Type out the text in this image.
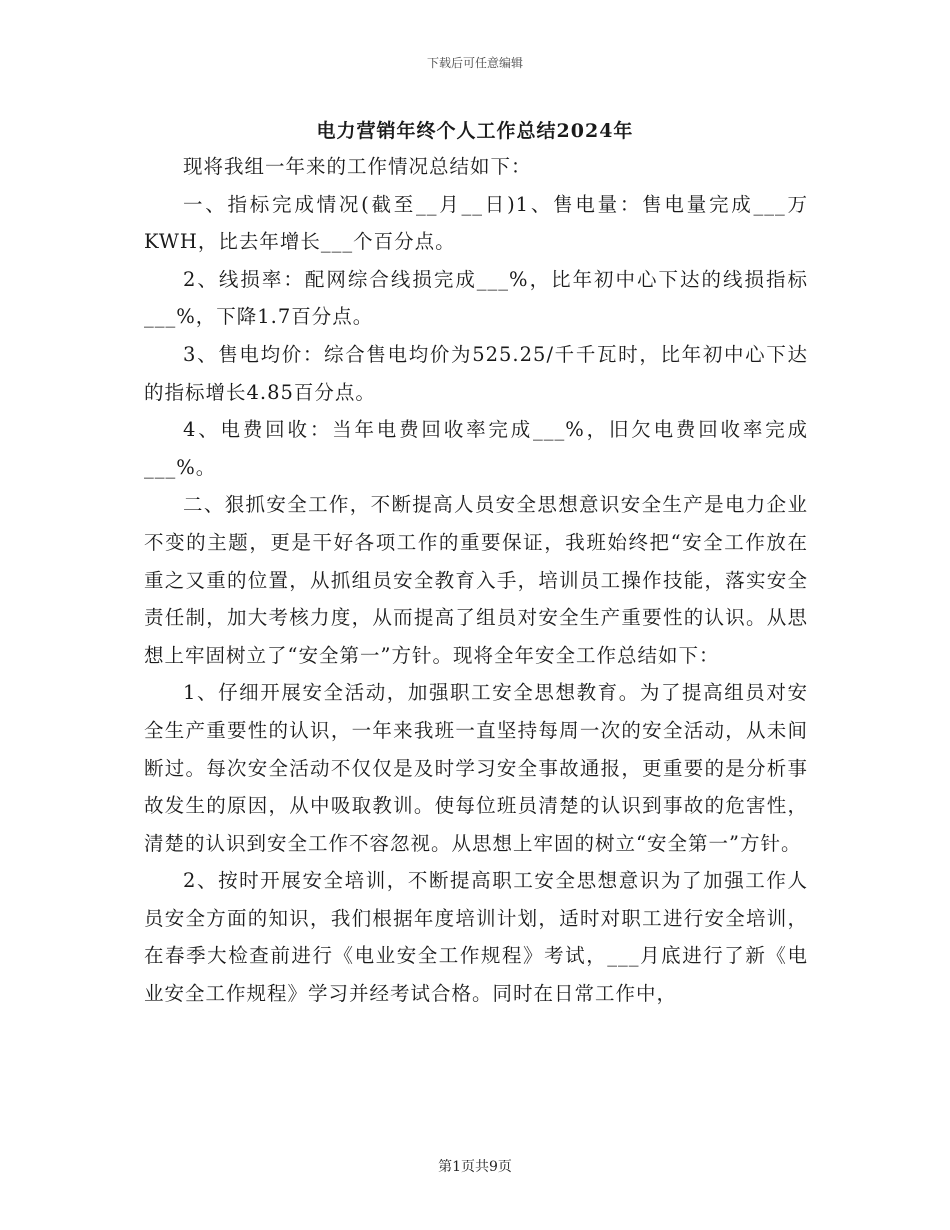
下载后可任意编辑
电力营销年终个人工作总结2024年

现将我组一年来的工作情况总结如下：

一、指标完成情况(截至__月__日)1、售电量：售电量完成___万KWH，比去年增长___个百分点。

2、线损率：配网综合线损完成___%，比年初中心下达的线损指标___%，下降1.7百分点。

3、售电均价：综合售电均价为525.25/千千瓦时，比年初中心下达的指标增长4.85百分点。

4、电费回收：当年电费回收率完成___%，旧欠电费回收率完成___%。

二、狠抓安全工作，不断提高人员安全思想意识安全生产是电力企业不变的主题，更是干好各项工作的重要保证，我班始终把“安全工作放在重之又重的位置，从抓组员安全教育入手，培训员工操作技能，落实安全责任制，加大考核力度，从而提高了组员对安全生产重要性的认识。从思想上牢固树立了“安全第一”方针。现将全年安全工作总结如下：

1、仔细开展安全活动，加强职工安全思想教育。为了提高组员对安全生产重要性的认识，一年来我班一直坚持每周一次的安全活动，从未间断过。每次安全活动不仅仅是及时学习安全事故通报，更重要的是分析事故发生的原因，从中吸取教训。使每位班员清楚的认识到事故的危害性，清楚的认识到安全工作不容忽视。从思想上牢固的树立“安全第一”方针。

2、按时开展安全培训，不断提高职工安全思想意识为了加强工作人员安全方面的知识，我们根据年度培训计划，适时对职工进行安全培训，在春季大检查前进行《电业安全工作规程》考试，___月底进行了新《电业安全工作规程》学习并经考试合格。同时在日常工作中，

第1页共9页
